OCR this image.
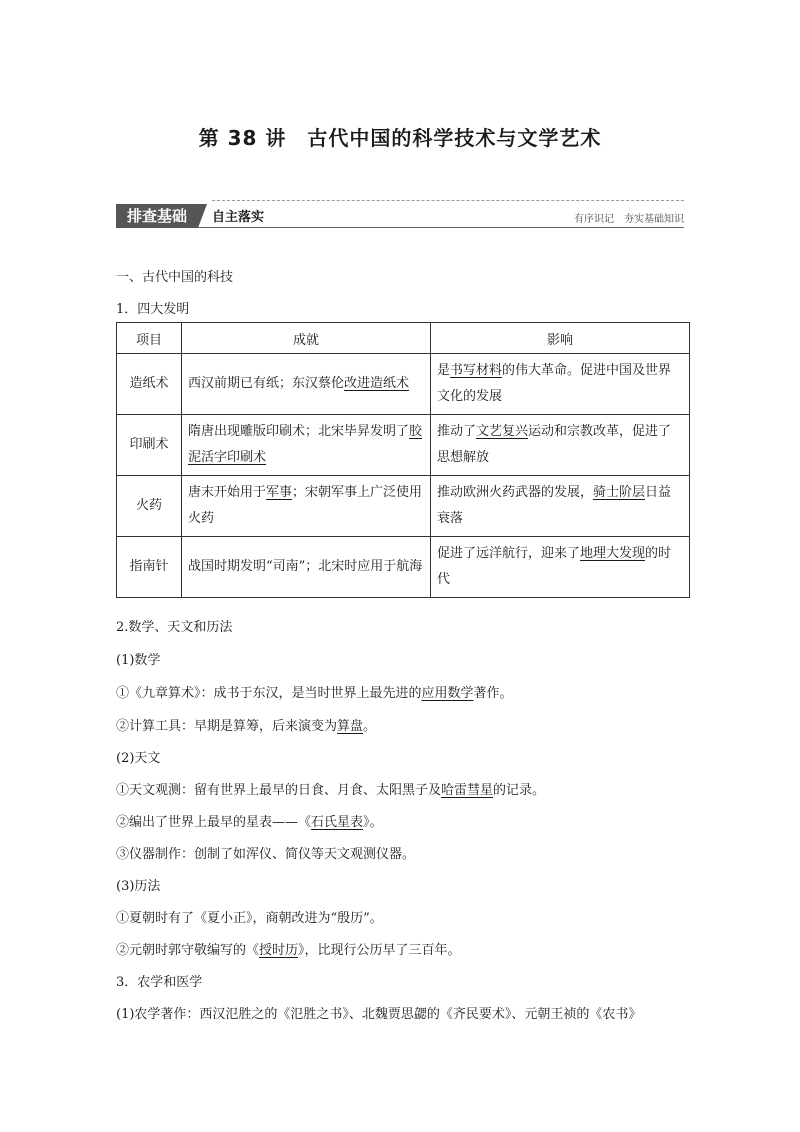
第 38 讲　古代中国的科学技术与文学艺术
排查基础	自主落实	有序识记　夯实基础知识
一、古代中国的科技
1．四大发明
项目	成就	影响
造纸术	西汉前期已有纸；东汉蔡伦改进造纸术	是书写材料的伟大革命。促进中国及世界文化的发展
印刷术	隋唐出现雕版印刷术；北宋毕昇发明了胶泥活字印刷术	推动了文艺复兴运动和宗教改革，促进了思想解放
火药	唐末开始用于军事；宋朝军事上广泛使用火药	推动欧洲火药武器的发展，骑士阶层日益衰落
指南针	战国时期发明“司南”；北宋时应用于航海	促进了远洋航行，迎来了地理大发现的时代
2.数学、天文和历法
(1)数学
①《九章算术》：成书于东汉，是当时世界上最先进的应用数学著作。
②计算工具：早期是算筹，后来演变为算盘。
(2)天文
①天文观测：留有世界上最早的日食、月食、太阳黑子及哈雷彗星的记录。
②编出了世界上最早的星表——《石氏星表》。
③仪器制作：创制了如浑仪、简仪等天文观测仪器。
(3)历法
①夏朝时有了《夏小正》，商朝改进为“殷历”。
②元朝时郭守敬编写的《授时历》，比现行公历早了三百年。
3．农学和医学
(1)农学著作：西汉氾胜之的《氾胜之书》、北魏贾思勰的《齐民要术》、元朝王祯的《农书》
